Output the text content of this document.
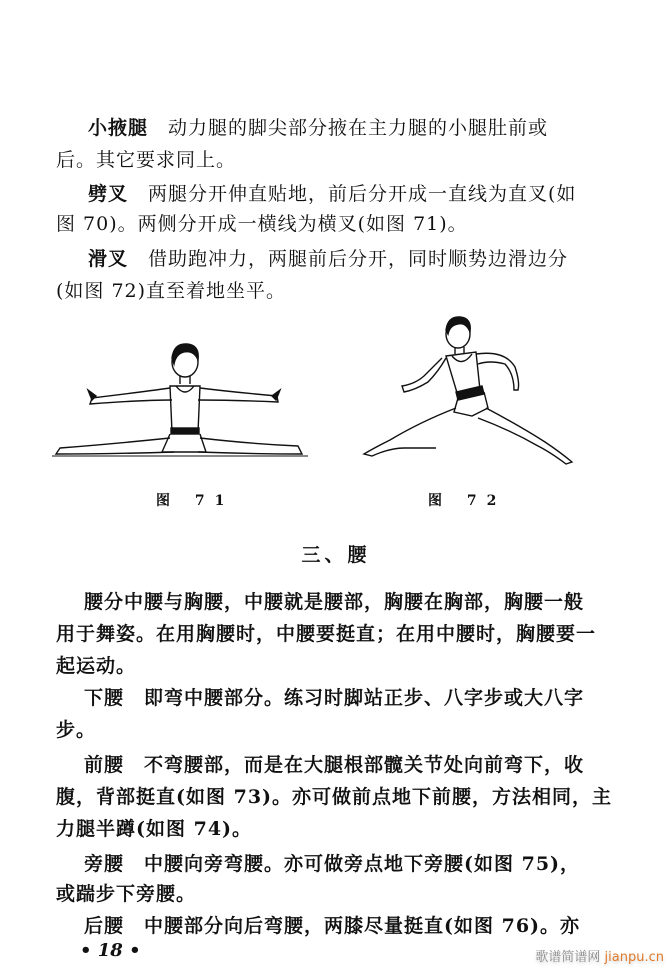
小掖腿 动力腿的脚尖部分掖在主力腿的小腿肚前或
后。其它要求同上。
劈叉 两腿分开伸直贴地，前后分开成一直线为直叉(如
图 70)。两侧分开成一横线为横叉(如图 71)。
滑叉 借助跑冲力，两腿前后分开，同时顺势边滑边分
(如图 72)直至着地坐平。
图 71	图 72
三、腰
腰分中腰与胸腰，中腰就是腰部，胸腰在胸部，胸腰一般
用于舞姿。在用胸腰时，中腰要挺直；在用中腰时，胸腰要一
起运动。
下腰 即弯中腰部分。练习时脚站正步、八字步或大八字
步。
前腰 不弯腰部，而是在大腿根部髋关节处向前弯下，收
腹，背部挺直(如图 73)。亦可做前点地下前腰，方法相同，主
力腿半蹲(如图 74)。
旁腰 中腰向旁弯腰。亦可做旁点地下旁腰(如图 75)，
或踹步下旁腰。
后腰 中腰部分向后弯腰，两膝尽量挺直(如图 76)。亦
• 18 •	歌谱简谱网 jianpu.cn
